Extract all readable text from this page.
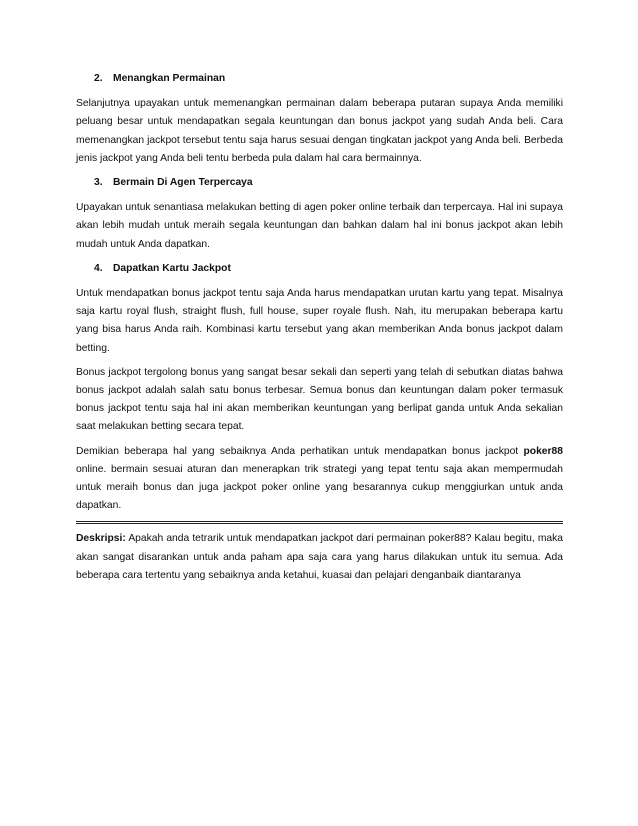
2. Menangkan Permainan

Selanjutnya upayakan untuk memenangkan permainan dalam beberapa putaran supaya Anda memiliki peluang besar untuk mendapatkan segala keuntungan dan bonus jackpot yang sudah Anda beli. Cara memenangkan jackpot tersebut tentu saja harus sesuai dengan tingkatan jackpot yang Anda beli. Berbeda jenis jackpot yang Anda beli tentu berbeda pula dalam hal cara bermainnya.

3. Bermain Di Agen Terpercaya

Upayakan untuk senantiasa melakukan betting di agen poker online terbaik dan terpercaya. Hal ini supaya akan lebih mudah untuk meraih segala keuntungan dan bahkan dalam hal ini bonus jackpot akan lebih mudah untuk Anda dapatkan.

4. Dapatkan Kartu Jackpot

Untuk mendapatkan bonus jackpot tentu saja Anda harus mendapatkan urutan kartu yang tepat. Misalnya saja kartu royal flush, straight flush, full house, super royale flush. Nah, itu merupakan beberapa kartu yang bisa harus Anda raih. Kombinasi kartu tersebut yang akan memberikan Anda bonus jackpot dalam betting.

Bonus jackpot tergolong bonus yang sangat besar sekali dan seperti yang telah di sebutkan diatas bahwa bonus jackpot adalah salah satu bonus terbesar. Semua bonus dan keuntungan dalam poker termasuk bonus jackpot tentu saja hal ini akan memberikan keuntungan yang berlipat ganda untuk Anda sekalian saat melakukan betting secara tepat.

Demikian beberapa hal yang sebaiknya Anda perhatikan untuk mendapatkan bonus jackpot poker88 online. bermain sesuai aturan dan menerapkan trik strategi yang tepat tentu saja akan mempermudah untuk meraih bonus dan juga jackpot poker online yang besarannya cukup menggiurkan untuk anda dapatkan.

Deskripsi: Apakah anda tetrarik untuk mendapatkan jackpot dari permainan poker88? Kalau begitu, maka akan sangat disarankan untuk anda paham apa saja cara yang harus dilakukan untuk itu semua. Ada beberapa cara tertentu yang sebaiknya anda ketahui, kuasai dan pelajari denganbaik diantaranya
